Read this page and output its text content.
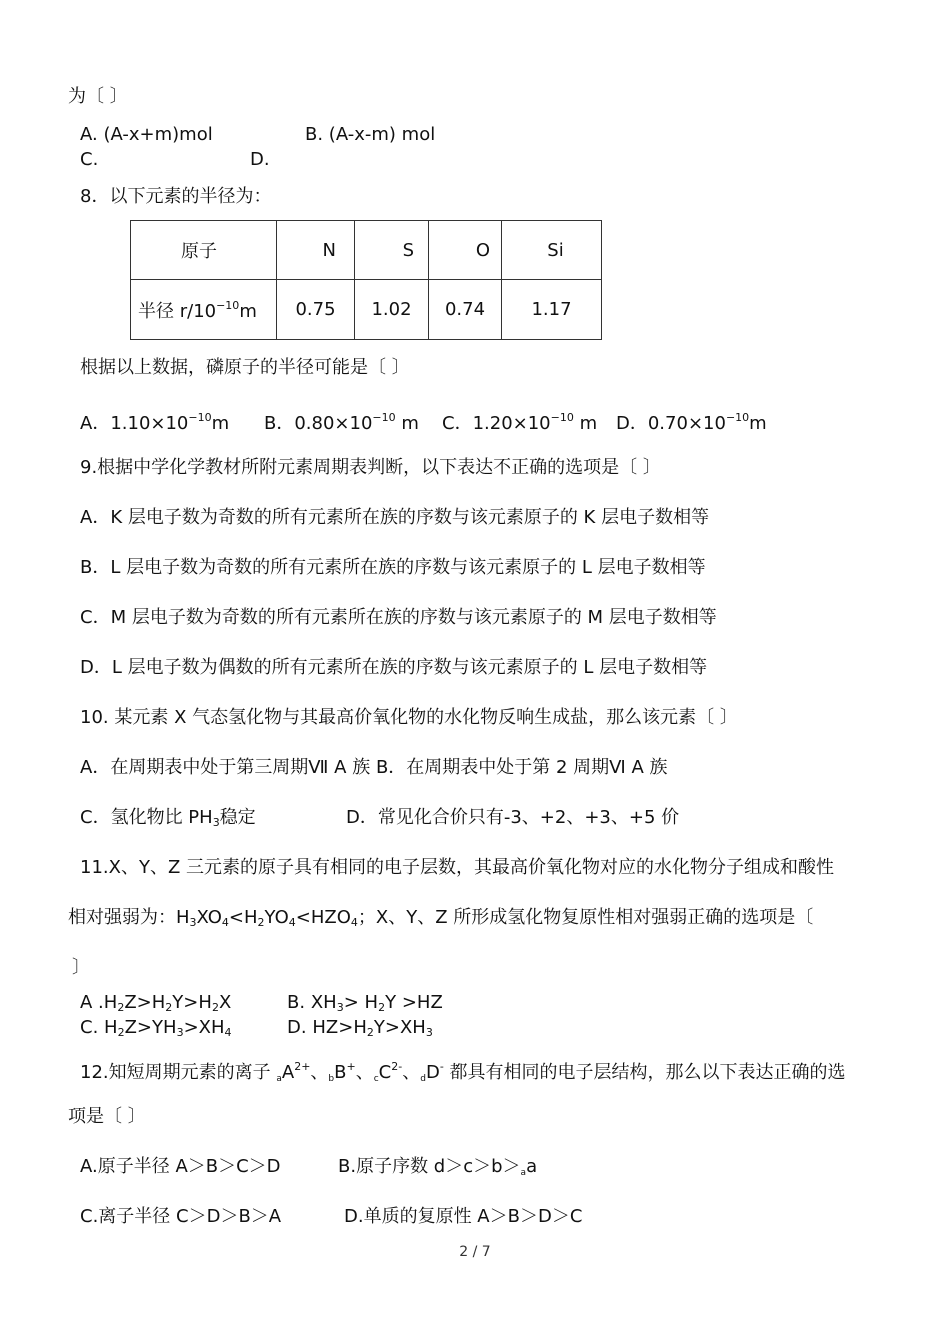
为〔 〕
A. (A-x+m)mol	B. (A-x-m) mol
C.	D.
8．以下元素的半径为：
原子	N	S	O	Si
半径 $r/10^{-10}m$	0.75	1.02	0.74	1.17
根据以上数据，磷原子的半径可能是〔 〕
A．$1.10\times 10^{-10}m$ B．$0.80\times 10^{-10}$ m C．$1.20\times 10^{-10}$ m D．$0.70\times 10^{-10}m$
9.根据中学化学教材所附元素周期表判断，以下表达不正确的选项是〔 〕
A．K 层电子数为奇数的所有元素所在族的序数与该元素原子的 K 层电子数相等
B．L 层电子数为奇数的所有元素所在族的序数与该元素原子的 L 层电子数相等
C．M 层电子数为奇数的所有元素所在族的序数与该元素原子的 M 层电子数相等
D．L 层电子数为偶数的所有元素所在族的序数与该元素原子的 L 层电子数相等
10. 某元素 X 气态氢化物与其最高价氧化物的水化物反响生成盐，那么该元素〔 〕
A．在周期表中处于第三周期Ⅶ A 族 B．在周期表中处于第 2 周期Ⅵ A 族
C．氢化物比 $PH_3$稳定	D．常见化合价只有-3、+2、+3、+5 价
11.X、Y、Z 三元素的原子具有相同的电子层数，其最高价氧化物对应的水化物分子组成和酸性
相对强弱为：$H_3XO_4<H_2YO_4<HZO_4$；X、Y、Z 所形成氢化物复原性相对强弱正确的选项是〔
〕
A $.H_2Z>H_2Y>H_2X$	B. $XH_3> H_2Y >HZ$
C. $H_2Z>YH_3>XH_4$	D. $HZ>H_2Y>XH_3$
12.知短周期元素的离子 $aA^{2+}$、bB+、$cC^{2-}$、dD- 都具有相同的电子层结构，那么以下表达正确的选
项是〔 〕
A.原子半径 A＞B＞C＞D	B.原子序数 d＞c＞b＞aa
C.离子半径 C＞D＞B＞A	D.单质的复原性 A＞B＞D＞C
2 / 7
